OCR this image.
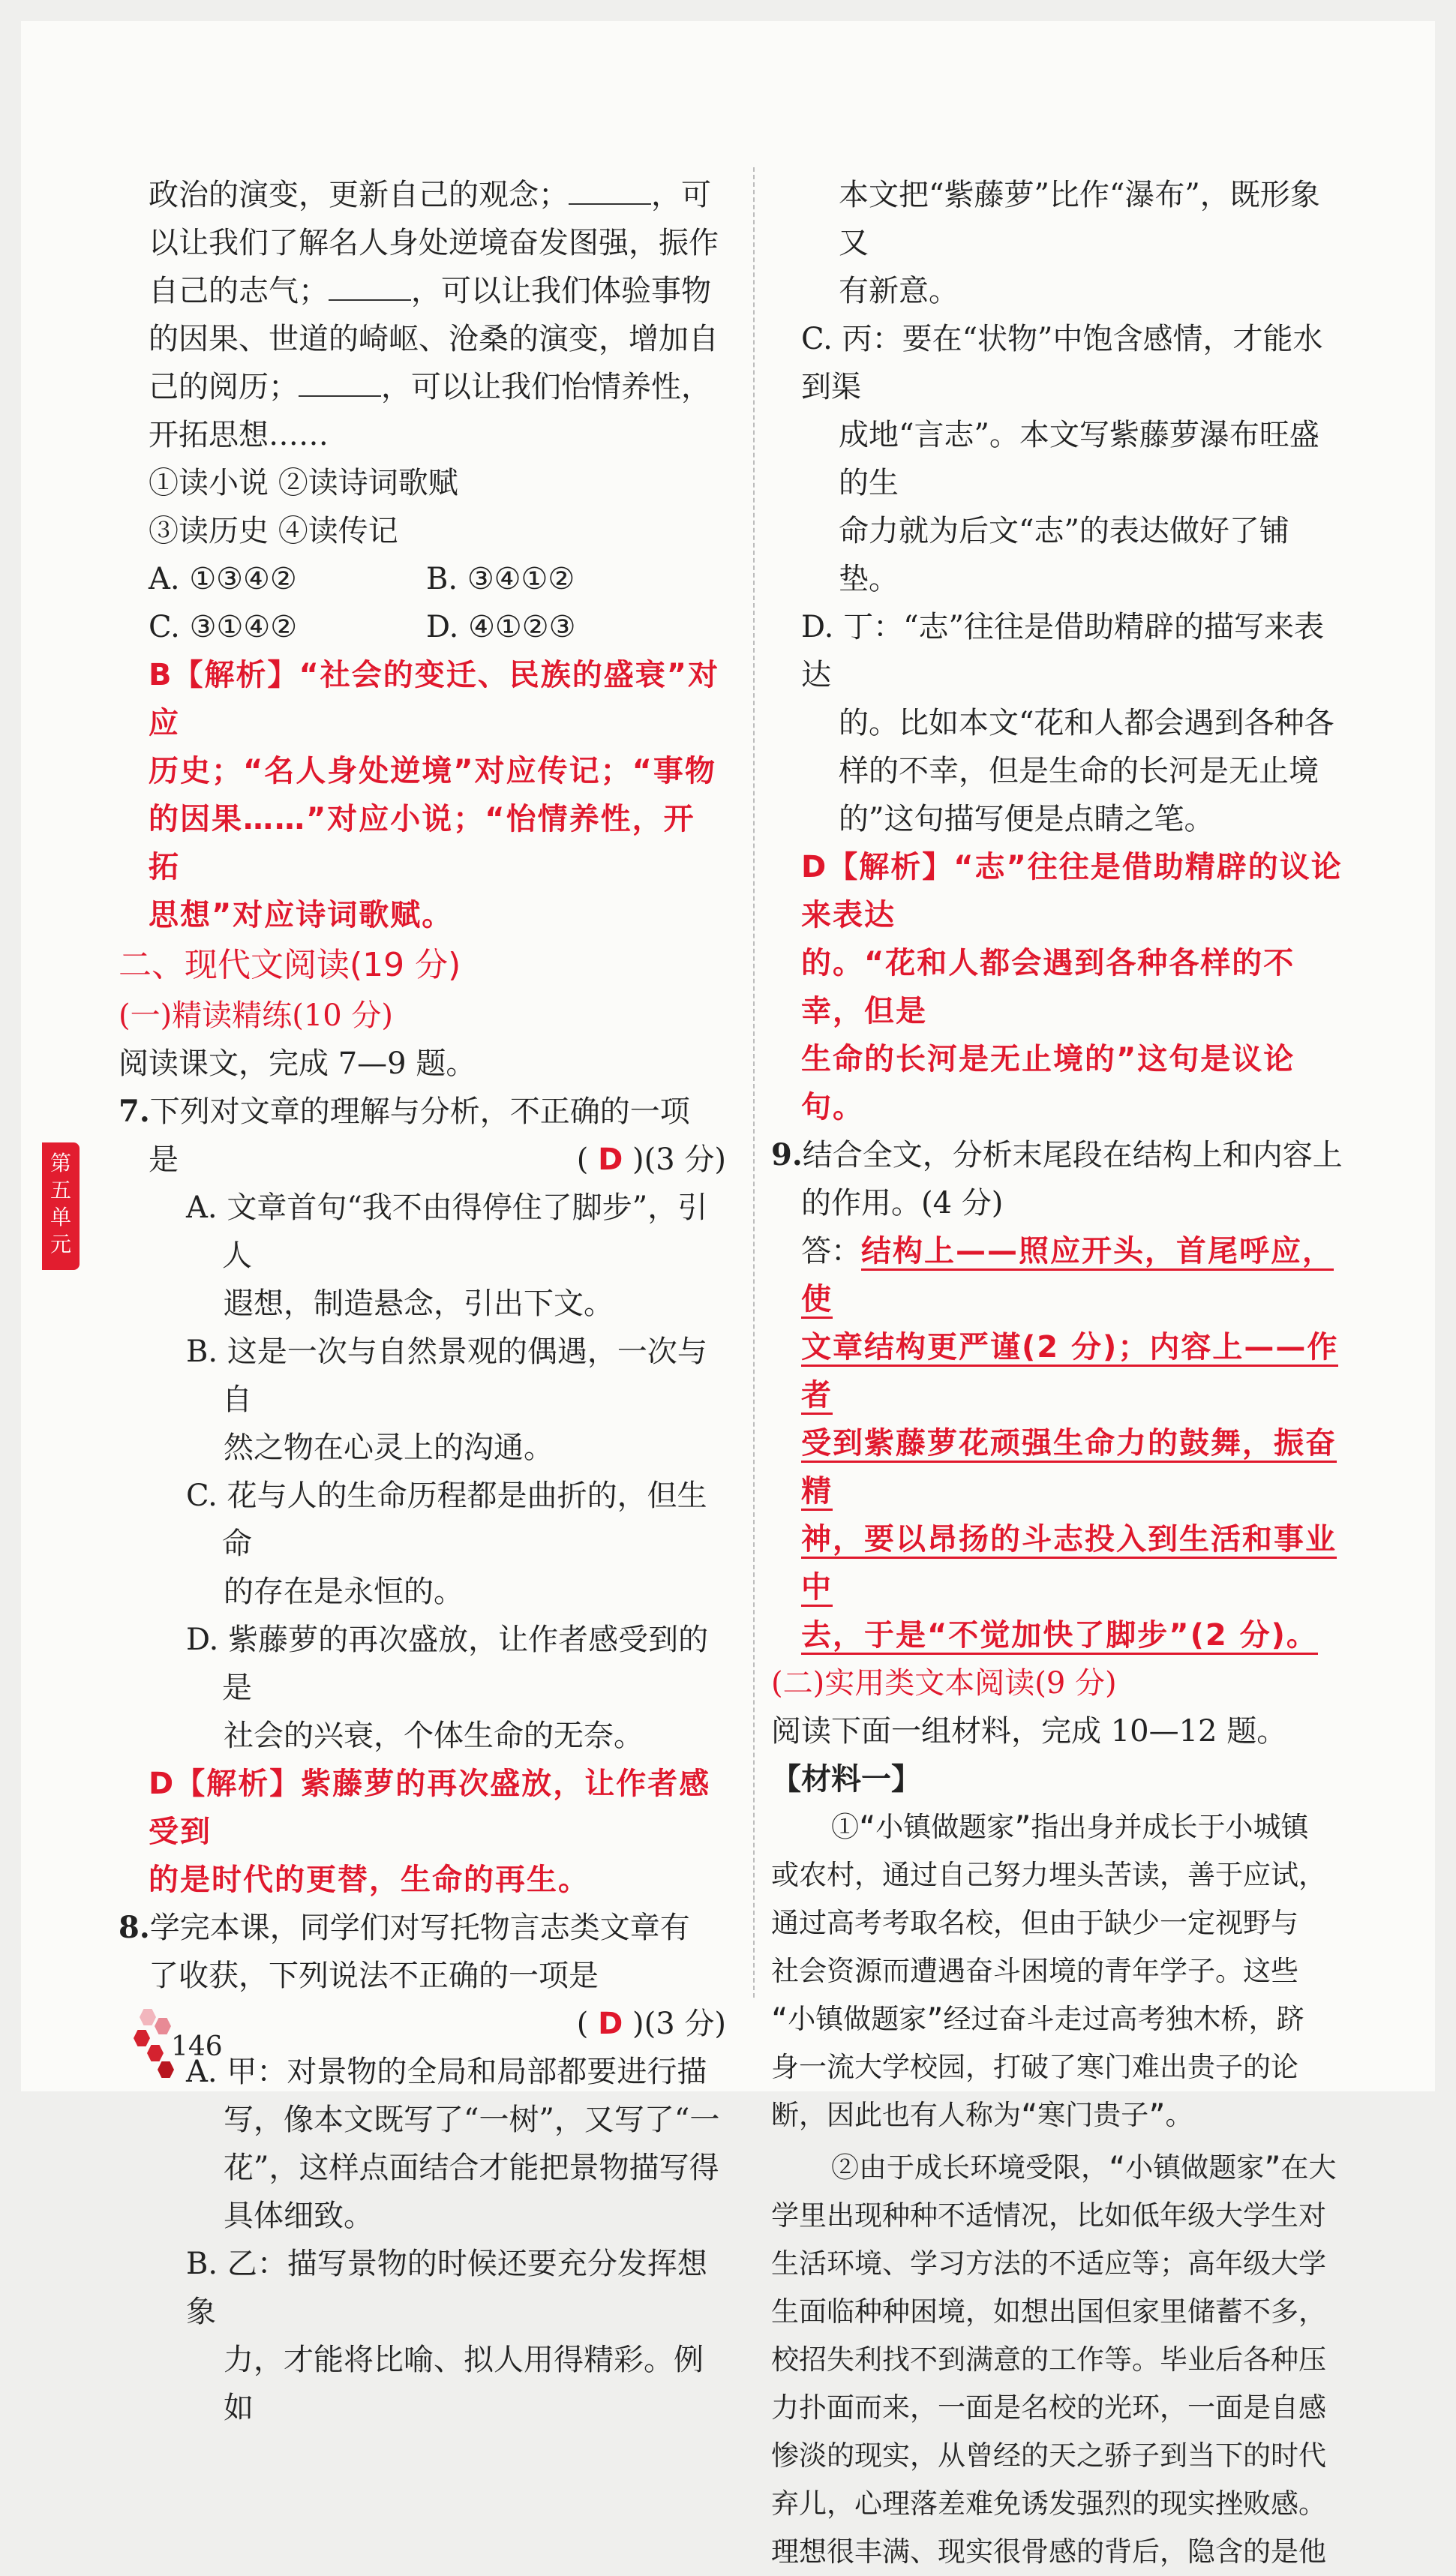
政治的演变，更新自己的观念；	，可

以让我们了解名人身处逆境奋发图强，振作

自己的志气；	，可以让我们体验事物

的因果、世道的崎岖、沧桑的演变，增加自

己的阅历；	，可以让我们怡情养性，

开拓思想……

①读小说 ②读诗词歌赋

③读历史 ④读传记

A. ①③④②	B. ③④①②
C. ③①④②	D. ④①②③
B【解析】“社会的变迁、民族的盛衰”对应
历史；“名人身处逆境”对应传记；“事物
的因果……”对应小说；“怡情养性，开拓
思想”对应诗词歌赋。
二、现代文阅读(19 分)
(一)精读精练(10 分)
阅读课文，完成 7—9 题。
7.下列对文章的理解与分析，不正确的一项
是	( D )(3 分)
A. 文章首句“我不由得停住了脚步”，引人
遐想，制造悬念，引出下文。
B. 这是一次与自然景观的偶遇，一次与自
然之物在心灵上的沟通。
C. 花与人的生命历程都是曲折的，但生命
的存在是永恒的。
D. 紫藤萝的再次盛放，让作者感受到的是
社会的兴衰，个体生命的无奈。
D【解析】紫藤萝的再次盛放，让作者感受到
的是时代的更替，生命的再生。
8.学完本课，同学们对写托物言志类文章有
了收获，下列说法不正确的一项是
( D )(3 分)
A. 甲：对景物的全局和局部都要进行描
写，像本文既写了“一树”，又写了“一
花”，这样点面结合才能把景物描写得
具体细致。
B. 乙：描写景物的时候还要充分发挥想象
力，才能将比喻、拟人用得精彩。例如
本文把“紫藤萝”比作“瀑布”，既形象又
有新意。
C. 丙：要在“状物”中饱含感情，才能水到渠
成地“言志”。本文写紫藤萝瀑布旺盛的生
命力就为后文“志”的表达做好了铺垫。
D. 丁：“志”往往是借助精辟的描写来表达
的。比如本文“花和人都会遇到各种各
样的不幸，但是生命的长河是无止境
的”这句描写便是点睛之笔。
D【解析】“志”往往是借助精辟的议论来表达
的。“花和人都会遇到各种各样的不幸，但是
生命的长河是无止境的”这句是议论句。
9.结合全文，分析末尾段在结构上和内容上
的作用。(4 分)
答：结构上——照应开头，首尾呼应，使
文章结构更严谨(2 分)；内容上——作者
受到紫藤萝花顽强生命力的鼓舞，振奋精
神，要以昂扬的斗志投入到生活和事业中
去，于是“不觉加快了脚步”(2 分)。
(二)实用类文本阅读(9 分)
阅读下面一组材料，完成 10—12 题。
【材料一】
①“小镇做题家”指出身并成长于小城镇
或农村，通过自己努力埋头苦读，善于应试，
通过高考考取名校，但由于缺少一定视野与
社会资源而遭遇奋斗困境的青年学子。这些
“小镇做题家”经过奋斗走过高考独木桥，跻
身一流大学校园，打破了寒门难出贵子的论
断，因此也有人称为“寒门贵子”。
②由于成长环境受限，“小镇做题家”在大
学里出现种种不适情况，比如低年级大学生对
生活环境、学习方法的不适应等；高年级大学
生面临种种困境，如想出国但家里储蓄不多，
校招失利找不到满意的工作等。毕业后各种压
力扑面而来，一面是名校的光环，一面是自感
惨淡的现实，从曾经的天之骄子到当下的时代
弃儿，心理落差难免诱发强烈的现实挫败感。
理想很丰满、现实很骨感的背后，隐含的是他
第五单元
146
